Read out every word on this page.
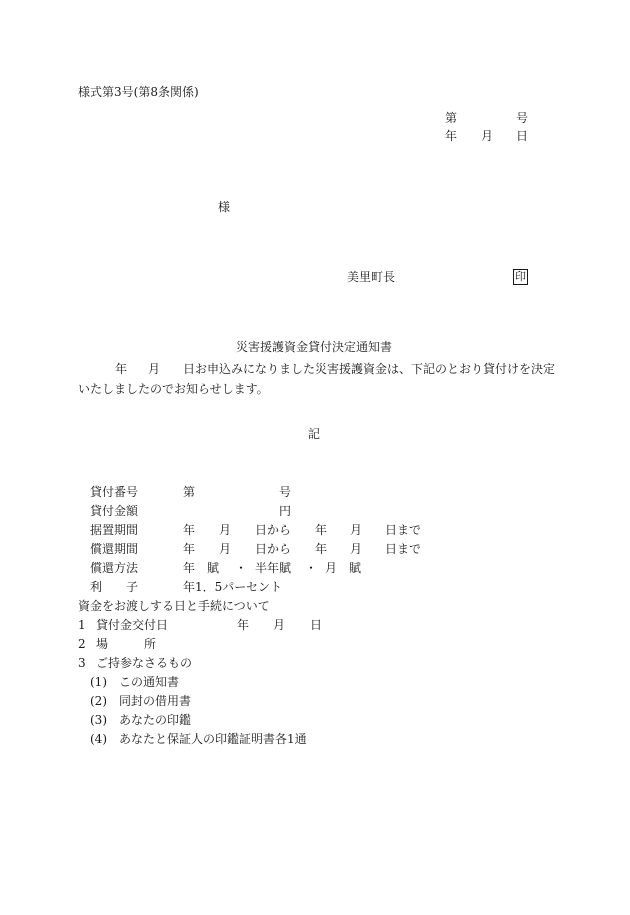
様式第3号(第8条関係)
第	号
年 月 日
様
美里町長	印
災害援護資金貸付決定通知書
年 月 日お申込みになりました災害援護資金は、下記のとおり貸付けを決定
いたしましたのでお知らせします。
記
貸付番号	第	号
貸付金額	円
据置期間	年 月 日から 年 月 日まで
償還期間	年 月 日から 年 月 日まで
償還方法	年　賦 ・ 半年賦 ・ 月　賦
利　　子	年1．5パーセント
資金をお渡しする日と手続について
1 貸付金交付日	年 月 日
2 場　　　所
3 ご持参なさるもの
(1) この通知書
(2) 同封の借用書
(3) あなたの印鑑
(4) あなたと保証人の印鑑証明書各1通
